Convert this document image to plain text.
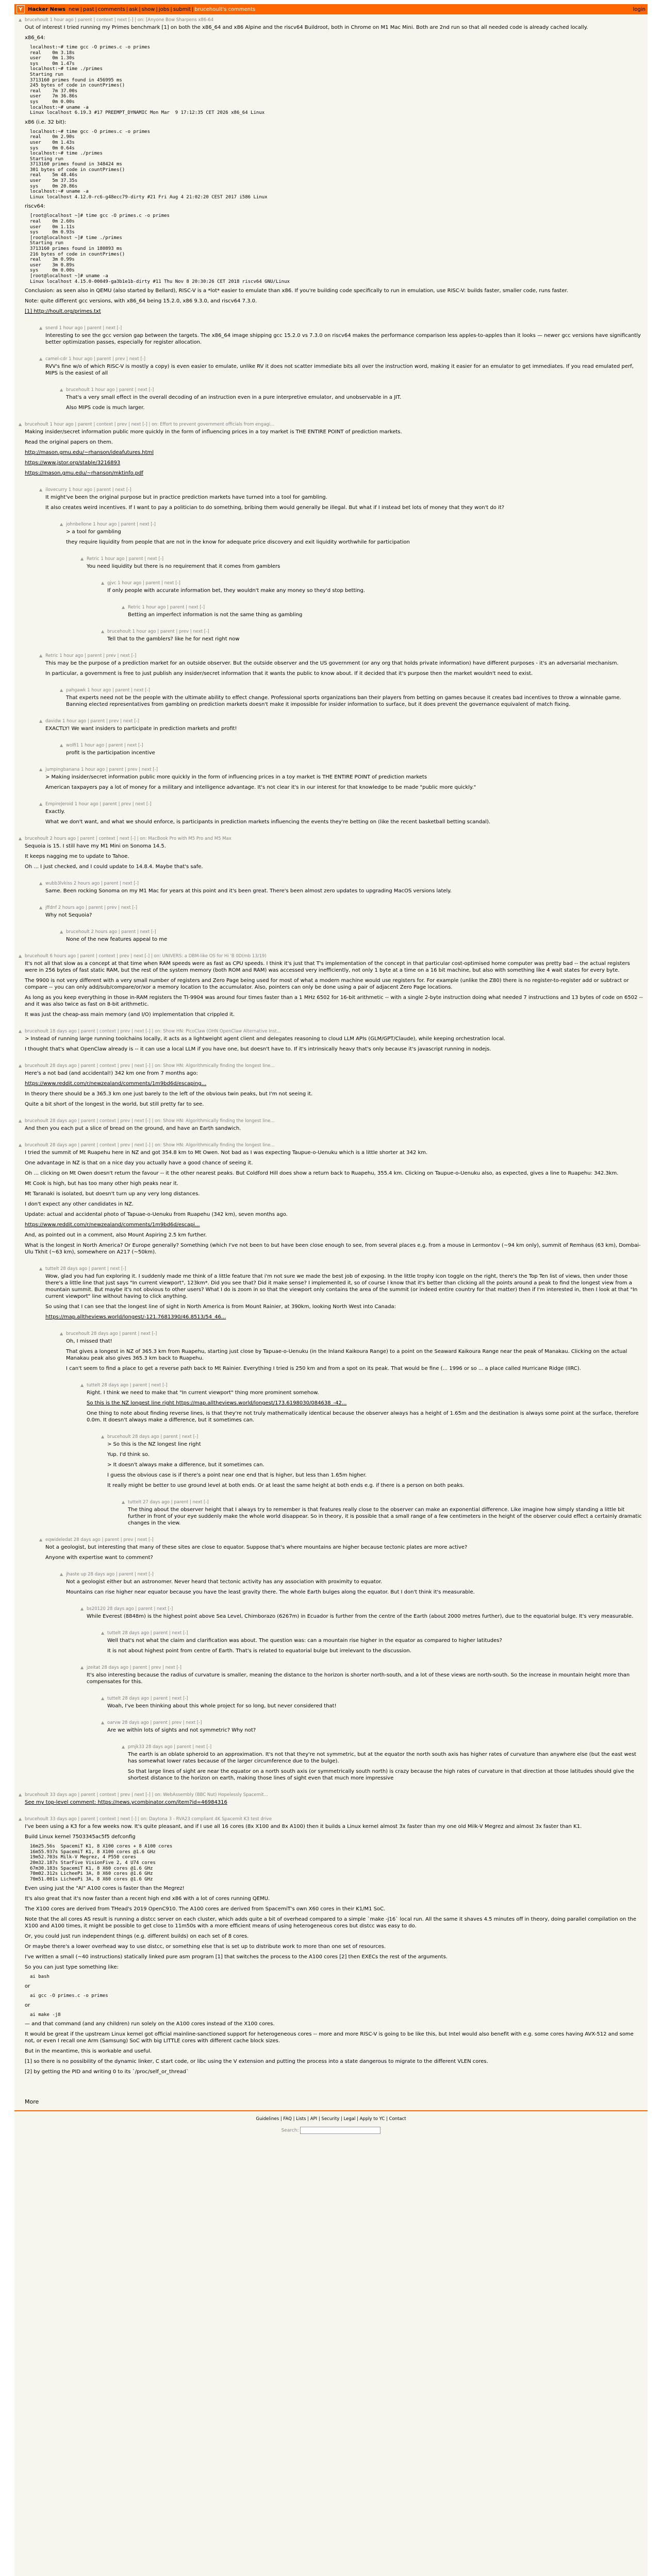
Y	Hacker News new | past | comments | ask | show | jobs | submit | brucehoult's comments	login
▲ brucehoult 1 hour ago | parent | context | next [-] | on: [Anyone Bow Sharpens x86-64

Out of interest I tried running my Primes benchmark [1] on both the x86_64 and x86 Alpine and the riscv64 Buildroot, both in Chrome on M1 Mac Mini. Both are 2nd run so that all needed code is already cached locally.

x86_64:

localhost:~# time gcc -O primes.c -o primes
real    0m 3.18s
user    0m 1.30s
sys     0m 1.47s
localhost:~# time ./primes
Starting run
3713160 primes found in 456995 ms
245 bytes of code in countPrimes()
real    7m 37.00s
user    7m 36.86s
sys     0m 0.00s
localhost:~# uname -a
Linux localhost 6.19.3 #17 PREEMPT_DYNAMIC Mon Mar  9 17:12:35 CET 2026 x86_64 Linux

x86 (i.e. 32 bit):

localhost:~# time gcc -O primes.c -o primes
real    0m 2.90s
user    0m 1.43s
sys     0m 0.64s
localhost:~# time ./primes
Starting run
3713160 primes found in 348424 ms
301 bytes of code in countPrimes()
real    5m 48.46s
user    5m 37.35s
sys     0m 20.86s
localhost:~# uname -a
Linux localhost 4.12.0-rc6-g48ecc79-dirty #21 Fri Aug 4 21:02:20 CEST 2017 i586 Linux

riscv64:

[root@localhost ~]# time gcc -O primes.c -o primes
real    0m 2.60s
user    0m 1.11s
sys     0m 0.93s
[root@localhost ~]# time ./primes
Starting run
3713160 primes found in 180893 ms
216 bytes of code in countPrimes()
real    3m 0.99s
user    3m 0.89s
sys     0m 0.00s
[root@localhost ~]# uname -a
Linux localhost 4.15.0-00049-ga3b1e1b-dirty #11 Thu Nov 8 20:30:26 CET 2018 riscv64 GNU/Linux

Conclusion: as seen also in QEMU (also started by Bellard), RISC-V is a *lot* easier to emulate than x86. If you're building code specifically to run in emulation, use RISC-V: builds faster, smaller code, runs faster.

Note: quite different gcc versions, with x86_64 being 15.2.0, x86 9.3.0, and riscv64 7.3.0.

[1] http://hoult.org/primes.txt

▲ snerd 1 hour ago | parent | next [-]

Interesting to see the gcc version gap between the targets. The x86_64 image shipping gcc 15.2.0 vs 7.3.0 on riscv64 makes the performance comparison less apples-to-apples than it looks — newer gcc versions have significantly better optimization passes, especially for register allocation.

▲ camel-cdr 1 hour ago | parent | prev | next [-]

RVV's fine w/o of which RISC-V is mostly a copy) is even easier to emulate, unlike RV it does not scatter immediate bits all over the instruction word, making it easier for an emulator to get immediates. If you read emulated perf, MIPS is the easiest of all

▲ brucehoult 1 hour ago | parent | next [-]

That's a very small effect in the overall decoding of an instruction even in a pure interpretive emulator, and unobservable in a JIT.

Also MIPS code is much larger.

▲ brucehoult 1 hour ago | parent | context | prev | next [-] | on: Effort to prevent government officials from engagi...

Making insider/secret information public more quickly in the form of influencing prices in a toy market is THE ENTIRE POINT of prediction markets.

Read the original papers on them.

http://mason.gmu.edu/~rhanson/ideafutures.html

https://www.jstor.org/stable/3216893

https://mason.gmu.edu/~rhanson/mktinfo.pdf

▲ ilovecurry 1 hour ago | parent | next [-]

It might've been the original purpose but in practice prediction markets have turned into a tool for gambling.

It also creates weird incentives. If I want to pay a politician to do something, bribing them would generally be illegal. But what if I instead bet lots of money that they won't do it?

▲ johnbellone 1 hour ago | parent | next [-]

> a tool for gambling

they require liquidity from people that are not in the know for adequate price discovery and exit liquidity worthwhile for participation

▲ Retric 1 hour ago | parent | next [-]

You need liquidity but there is no requirement that it comes from gamblers

▲ gjvc 1 hour ago | parent | next [-]

If only people with accurate information bet, they wouldn't make any money so they'd stop betting.

▲ Retric 1 hour ago | parent | next [-]

Betting an imperfect information is not the same thing as gambling

▲ brucehoult 1 hour ago | parent | prev | next [-]

Tell that to the gamblers? like he for next right now

▲ Retric 1 hour ago | parent | prev | next [-]

This may be the purpose of a prediction market for an outside observer. But the outside observer and the US government (or any org that holds private information) have different purposes - it's an adversarial mechanism.

In particular, a government is free to just publish any insider/secret information that it wants the public to know about. If it decided that it's purpose then the market wouldn't need to exist.

▲ pahgawk 1 hour ago | parent | next [-]

That experts need not be the people with the ultimate ability to effect change. Professional sports organizations ban their players from betting on games because it creates bad incentives to throw a winnable game. Banning elected representatives from gambling on prediction markets doesn't make it impossible for insider information to surface, but it does prevent the governance equivalent of match fixing.

▲ davidw 1 hour ago | parent | prev | next [-]

EXACTLY! We want insiders to participate in prediction markets and profit!

▲ wolfi1 1 hour ago | parent | next [-]

profit is the participation incentive

▲ jumpingbanana 1 hour ago | parent | prev | next [-]

> Making insider/secret information public more quickly in the form of influencing prices in a toy market is THE ENTIRE POINT of prediction markets

American taxpayers pay a lot of money for a military and intelligence advantage. It's not clear it's in our interest for that knowledge to be made "public more quickly."

▲ EmpireJeroid 1 hour ago | parent | prev | next [-]

Exactly.

What we don't want, and what we should enforce, is participants in prediction markets influencing the events they're betting on (like the recent basketball betting scandal).

▲ brucehoult 2 hours ago | parent | context | next [-] | on: MacBook Pro with M5 Pro and M5 Max

Sequoia is 15. I still have my M1 Mini on Sonoma 14.5.

It keeps nagging me to update to Tahoe.

Oh ... I just checked, and I could update to 14.8.4. Maybe that's safe.

▲ wubb3lvkiss 2 hours ago | parent | next [-]

Same. Been rocking Sonoma on my M1 Mac for years at this point and it's been great. There's been almost zero updates to upgrading MacOS versions lately.

▲ jffdnf 2 hours ago | parent | prev | next [-]

Why not Sequoia?

▲ brucehoult 2 hours ago | parent | next [-]

None of the new features appeal to me

▲ brucehoult 6 hours ago | parent | context | prev | next [-] | on: UNIVERS: a DBM-like OS for Hi 'B 0D(mb 13/19)

It's not all that slow as a concept at that time when RAM speeds were as fast as CPU speeds. I think it's just that T's implementation of the concept in that particular cost-optimised home computer was pretty bad -- the actual registers were in 256 bytes of fast static RAM, but the rest of the system memory (both ROM and RAM) was accessed very inefficiently, not only 1 byte at a time on a 16 bit machine, but also with something like 4 wait states for every byte.

The 9900 is not very different with a very small number of registers and Zero Page being used for most of what a modern machine would use registers for. For example (unlike the Z80) there is no register-to-register add or subtract or compare -- you can only add/sub/compare/or/xor a memory location to the accumulator. Also, pointers can only be done using a pair of adjacent Zero Page locations.

As long as you keep everything in those in-RAM registers the TI-9904 was around four times faster than a 1 MHz 6502 for 16-bit arithmetic -- with a single 2-byte instruction doing what needed 7 instructions and 13 bytes of code on 6502 -- and it was also twice as fast on 8-bit arithmetic.

It was just the cheap-ass main memory (and I/O) implementation that crippled it.

▲ brucehoult 18 days ago | parent | context | prev | next [-] | on: Show HN: PicoClaw (OHN OpenClaw Alternative Inst...

> Instead of running large running toolchains locally, it acts as a lightweight agent client and delegates reasoning to cloud LLM APIs (GLM/GPT/Claude), while keeping orchestration local.

I thought that's what OpenClaw already is -- it can use a local LLM if you have one, but doesn't have to. If it's intrinsically heavy that's only because it's javascript running in nodejs.

▲ brucehoult 28 days ago | parent | context | prev | next [-] | on: Show HN: Algorithmically finding the longest line...

Here's a not bad (and accidental!) 342 km one from 7 months ago:

https://www.reddit.com/r/newzealand/comments/1m9bd6d/escaping...

In theory there should be a 365.3 km one just barely to the left of the obvious twin peaks, but I'm not seeing it.

Quite a bit short of the longest in the world, but still pretty far to see.

▲ brucehoult 28 days ago | parent | context | prev | next [-] | on: Show HN: Algorithmically finding the longest line...

And then you each put a slice of bread on the ground, and have an Earth sandwich.

▲ brucehoult 28 days ago | parent | context | prev | next [-] | on: Show HN: Algorithmically finding the longest line...

I tried the summit of Mt Ruapehu here in NZ and got 354.8 km to Mt Owen. Not bad as I was expecting Taupue-o-Uenuku which is a little shorter at 342 km.

One advantage in NZ is that on a nice day you actually have a good chance of seeing it.

Oh ... clicking on Mt Owen doesn't return the favour -- it the other nearest peaks. But Coldford Hill does show a return back to Ruapehu, 355.4 km. Clicking on Taupue-o-Uenuku also, as expected, gives a line to Ruapehu: 342.3km.

Mt Cook is high, but has too many other high peaks near it.

Mt Taranaki is isolated, but doesn't turn up any very long distances.

I don't expect any other candidates in NZ.

Update: actual and accidental photo of Tapuae-o-Uenuku from Ruapehu (342 km), seven months ago.

https://www.reddit.com/r/newzealand/comments/1m9bd6d/escapi...

And, as pointed out in a comment, also Mount Aspiring 2.5 km further.

What is the longest in North America? Or Europe generally? Something (which I've not been to but have been close enough to see, from several places e.g. from a mouse in Lermontov (~94 km only), summit of Remhaus (63 km), Dombai-Ulu Tkhit (~63 km), somewhere on A217 (~50km).

▲ tuttelt 28 days ago | parent | next [-]

Wow, glad you had fun exploring it. I suddenly made me think of a little feature that i'm not sure we made the best job of exposing. In the little trophy icon toggle on the right, there's the Top Ten list of views, then under those there's a little line that just says "In current viewport", 123km*. Did you see that? Did it make sense? I implemented it, so of course I know that it's better than clicking all the points around a peak to find the longest view from a mountain summit. But maybe it's not obvious to other users? What I do is zoom in so that the viewport only contains the area of the summit (or indeed entire country for that matter) then if I'm interested in, then I look at that "In current viewport" line without having to click anything.

So using that I can see that the longest line of sight in North America is from Mount Rainier, at 390km, looking North West into Canada:

https://map.alltheviews.world/longest/-121.7681390/46.8513/54_46...

▲ brucehoult 28 days ago | parent | next [-]

Oh, I missed that!

That gives a longest in NZ of 365.3 km from Ruapehu, starting just close by Tapuae-o-Uenuku (in the Inland Kaikoura Range) to a point on the Seaward Kaikoura Range near the peak of Manakau. Clicking on the actual Manakau peak also gives 365.3 km back to Ruapehu.

I can't seem to find a place to get a reverse path back to Mt Rainier. Everything I tried is 250 km and from a spot on its peak. That would be fine (... 1996 or so ... a place called Hurricane Ridge (IIRC).

▲ tuttelt 28 days ago | parent | next [-]

Right. I think we need to make that "In current viewport" thing more prominent somehow.

So this is the NZ longest line right https://map.alltheviews.world/longest/173.6198030/084638_-42...

One thing to note about finding reverse lines, is that they're not truly mathematically identical because the observer always has a height of 1.65m and the destination is always some point at the surface, therefore 0.0m. It doesn't always make a difference, but it sometimes can.

▲ brucehoult 28 days ago | parent | next [-]

> So this is the NZ longest line right

Yup. I'd think so.

> It doesn't always make a difference, but it sometimes can.

I guess the obvious case is if there's a point near one end that is higher, but less than 1.65m higher.

It really might be better to use ground level at both ends. Or at least the same height at both ends e.g. if there is a person on both peaks.

▲ tuttelt 27 days ago | parent | next [-]

The thing about the observer height that I always try to remember is that features really close to the observer can make an exponential difference. Like imagine how simply standing a little bit further in front of your eye suddenly make the whole world disappear. So in theory, it is possible that a small range of a few centimeters in the height of the observer could effect a certainly dramatic changes in the view.

▲ eqwideledat 28 days ago | parent | prev | next [-]

Not a geologist, but interesting that many of these sites are close to equator. Suppose that's where mountains are higher because tectonic plates are more active?

Anyone with expertise want to comment?

▲ jhaste up 28 days ago | parent | next [-]

Not a geologist either but an astronomer. Never heard that tectonic activity has any association with proximity to equator.

Mountains can rise higher near equator because you have the least gravity there. The whole Earth bulges along the equator. But I don't think it's measurable.

▲ bs20120 28 days ago | parent | next [-]

While Everest (8848m) is the highest point above Sea Level, Chimborazo (6267m) in Ecuador is further from the centre of the Earth (about 2000 metres further), due to the equatorial bulge. It's very measurable.

▲ tuttelt 28 days ago | parent | next [-]

Well that's not what the claim and clarification was about. The question was: can a mountain rise higher in the equator as compared to higher latitudes?

It is not about highest point from centre of Earth. That's is related to equatorial bulge but irrelevant to the discussion.

▲ jzeitat 28 days ago | parent | prev | next [-]

It's also interesting because the radius of curvature is smaller, meaning the distance to the horizon is shorter north-south, and a lot of these views are north-south. So the increase in mountain height more than compensates for this.

▲ tuttelt 28 days ago | parent | next [-]

Woah, I've been thinking about this whole project for so long, but never considered that!

▲ oarvw 28 days ago | parent | prev | next [-]

Are we within lots of sights and not symmetric? Why not?

▲ pmjk33 28 days ago | parent | next [-]

The earth is an oblate spheroid to an approximation. It's not that they're not symmetric, but at the equator the north south axis has higher rates of curvature than anywhere else (but the east west has somewhat lower rates because of the larger circumference due to the bulge).

So that large lines of sight are near the equator on a north south axis (or symmetrically south north) is crazy because the high rates of curvature in that direction at those latitudes should give the shortest distance to the horizon on earth, making those lines of sight even that much more impressive

▲ brucehoult 33 days ago | parent | context | prev | next [-] | on: WebAssembly (BBC Nut) Hopelessly Spacemit...

See my top-level comment: https://news.ycombinator.com/item?id=46984316

▲ brucehoult 33 days ago | parent | context | next [-] | on: Daytona 3 - RVA23 compliant 4K Spacemit K3 test drive

I've been using a K3 for a few weeks now. It's quite pleasant, and if I use all 16 cores (8x X100 and 8x A100) then it builds a Linux kernel almost 3x faster than my one old Milk-V Megrez and almost 3x faster than K1.

Build Linux kernel 7503345ac5f5 defconfig

16m25.56s  SpacemiT K1, 8 X100 cores + 8 A100 cores
16m55.937s SpacemiT K1, 8 X100 cores @1.6 GHz
19m52.703s Milk-V Megrez, 4 P550 cores
20m32.187s StarFive VisionFive 2, 4 U74 cores
67m30.183s SpacemiT K1, 8 X60 cores @1.6 GHz
70m02.312s LicheePi 3A, 8 X60 cores @1.6 GHz
70m51.001s LicheePi 3A, 8 X60 cores @1.6 GHz

Even using just the "AI" A100 cores is faster than the Megrez!

It's also great that it's now faster than a recent high end x86 with a lot of cores running QEMU.

The X100 cores are derived from THead's 2019 OpenC910. The A100 cores are derived from SpacemiT's own X60 cores in their K1/M1 SoC.

Note that the all cores AS result is running a distcc server on each cluster, which adds quite a bit of overhead compared to a simple `make -j16` local run. All the same it shaves 4.5 minutes off in theory, doing parallel compilation on the X100 and A100 times, it might be possible to get close to 11m50s with a more efficient means of using heterogeneous cores but distcc was easy to do.

Or, you could just run independent things (e.g. different builds) on each set of 8 cores.

Or maybe there's a lower overhead way to use distcc, or something else that is set up to distribute work to more than one set of resources.

I've written a small (~40 instructions) statically linked pure asm program [1] that switches the process to the A100 cores [2] then EXECs the rest of the arguments.

So you can just type something like:

ai bash

or

ai gcc -O primes.c -o primes

or

ai make -j8

— and that command (and any children) run solely on the A100 cores instead of the X100 cores.

It would be great if the upstream Linux kernel got official mainline-sanctioned support for heterogeneous cores -- more and more RISC-V is going to be like this, but Intel would also benefit with e.g. some cores having AVX-512 and some not, or even I recall one Arm (Samsung) SoC with big LITTLE cores with different cache block sizes.

But in the meantime, this is workable and useful.

[1] so there is no possibility of the dynamic linker, C start code, or libc using the V extension and putting the process into a state dangerous to migrate to the different VLEN cores.

[2] by getting the PID and writing 0 to its `/proc/self_or_thread`

More
Guidelines | FAQ | Lists | API | Security | Legal | Apply to YC | Contact
Search:
